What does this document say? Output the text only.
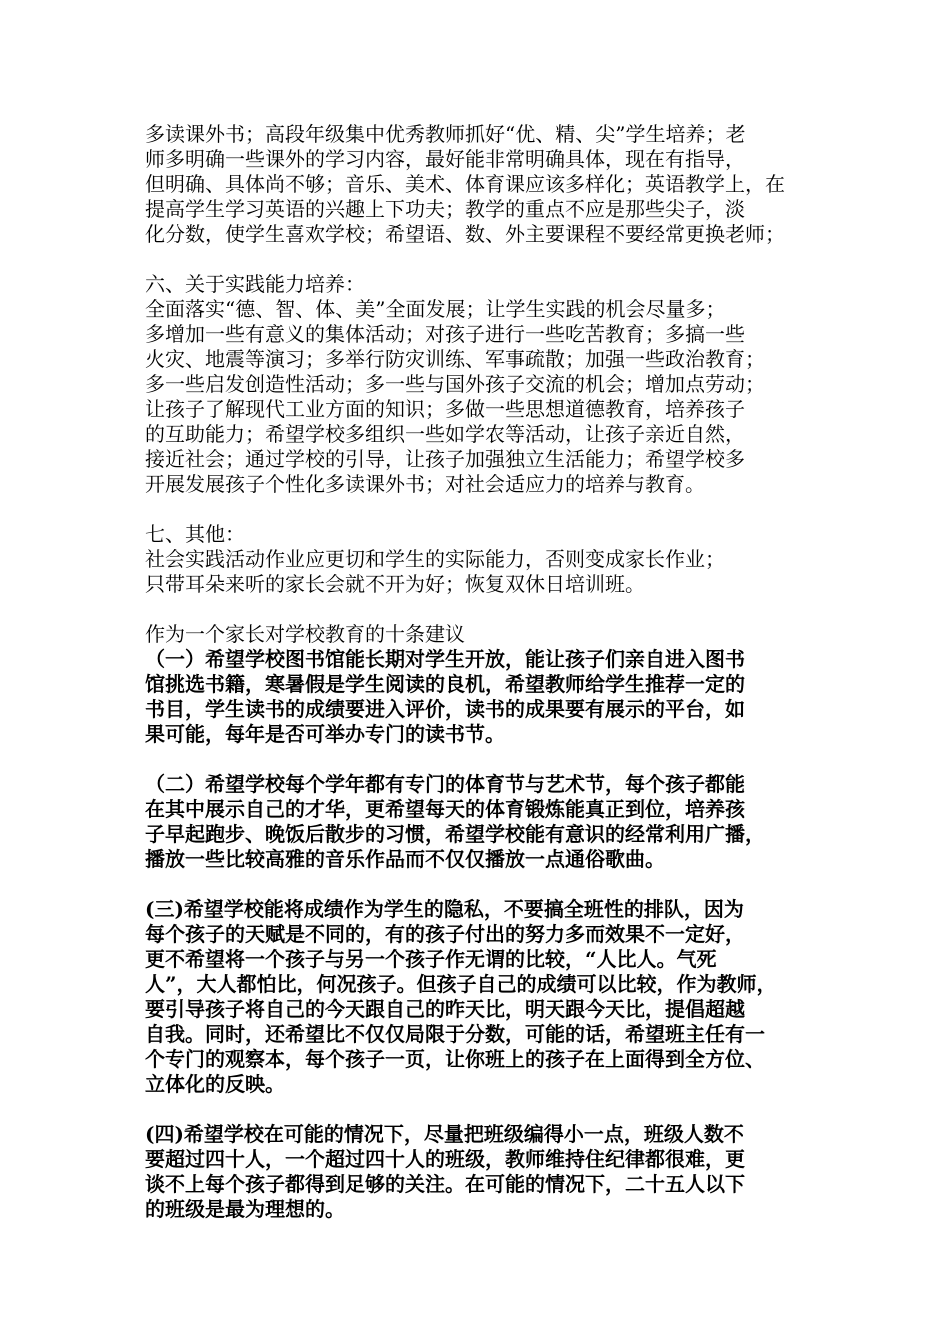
多读课外书；高段年级集中优秀教师抓好“优、精、尖”学生培养；老
师多明确一些课外的学习内容，最好能非常明确具体，现在有指导，
但明确、具体尚不够；音乐、美术、体育课应该多样化；英语教学上，在
提高学生学习英语的兴趣上下功夫；教学的重点不应是那些尖子，淡
化分数，使学生喜欢学校；希望语、数、外主要课程不要经常更换老师；
六、关于实践能力培养：
全面落实“德、智、体、美”全面发展；让学生实践的机会尽量多；
多增加一些有意义的集体活动；对孩子进行一些吃苦教育；多搞一些
火灾、地震等演习；多举行防灾训练、军事疏散；加强一些政治教育；
多一些启发创造性活动；多一些与国外孩子交流的机会；增加点劳动；
让孩子了解现代工业方面的知识；多做一些思想道德教育，培养孩子
的互助能力；希望学校多组织一些如学农等活动，让孩子亲近自然，
接近社会；通过学校的引导，让孩子加强独立生活能力；希望学校多
开展发展孩子个性化多读课外书；对社会适应力的培养与教育。
七、其他：
社会实践活动作业应更切和学生的实际能力，否则变成家长作业；
只带耳朵来听的家长会就不开为好；恢复双休日培训班。
作为一个家长对学校教育的十条建议
（一）希望学校图书馆能长期对学生开放，能让孩子们亲自进入图书
馆挑选书籍，寒暑假是学生阅读的良机，希望教师给学生推荐一定的
书目，学生读书的成绩要进入评价，读书的成果要有展示的平台，如
果可能，每年是否可举办专门的读书节。
（二）希望学校每个学年都有专门的体育节与艺术节，每个孩子都能
在其中展示自己的才华，更希望每天的体育锻炼能真正到位，培养孩
子早起跑步、晚饭后散步的习惯，希望学校能有意识的经常利用广播，
播放一些比较高雅的音乐作品而不仅仅播放一点通俗歌曲。
(三)希望学校能将成绩作为学生的隐私，不要搞全班性的排队，因为
每个孩子的天赋是不同的，有的孩子付出的努力多而效果不一定好，
更不希望将一个孩子与另一个孩子作无谓的比较，“人比人。气死
人”，大人都怕比，何况孩子。但孩子自己的成绩可以比较，作为教师，
要引导孩子将自己的今天跟自己的昨天比，明天跟今天比，提倡超越
自我。同时，还希望比不仅仅局限于分数，可能的话，希望班主任有一
个专门的观察本，每个孩子一页，让你班上的孩子在上面得到全方位、
立体化的反映。
(四)希望学校在可能的情况下，尽量把班级编得小一点，班级人数不
要超过四十人，一个超过四十人的班级，教师维持住纪律都很难，更
谈不上每个孩子都得到足够的关注。在可能的情况下，二十五人以下
的班级是最为理想的。
